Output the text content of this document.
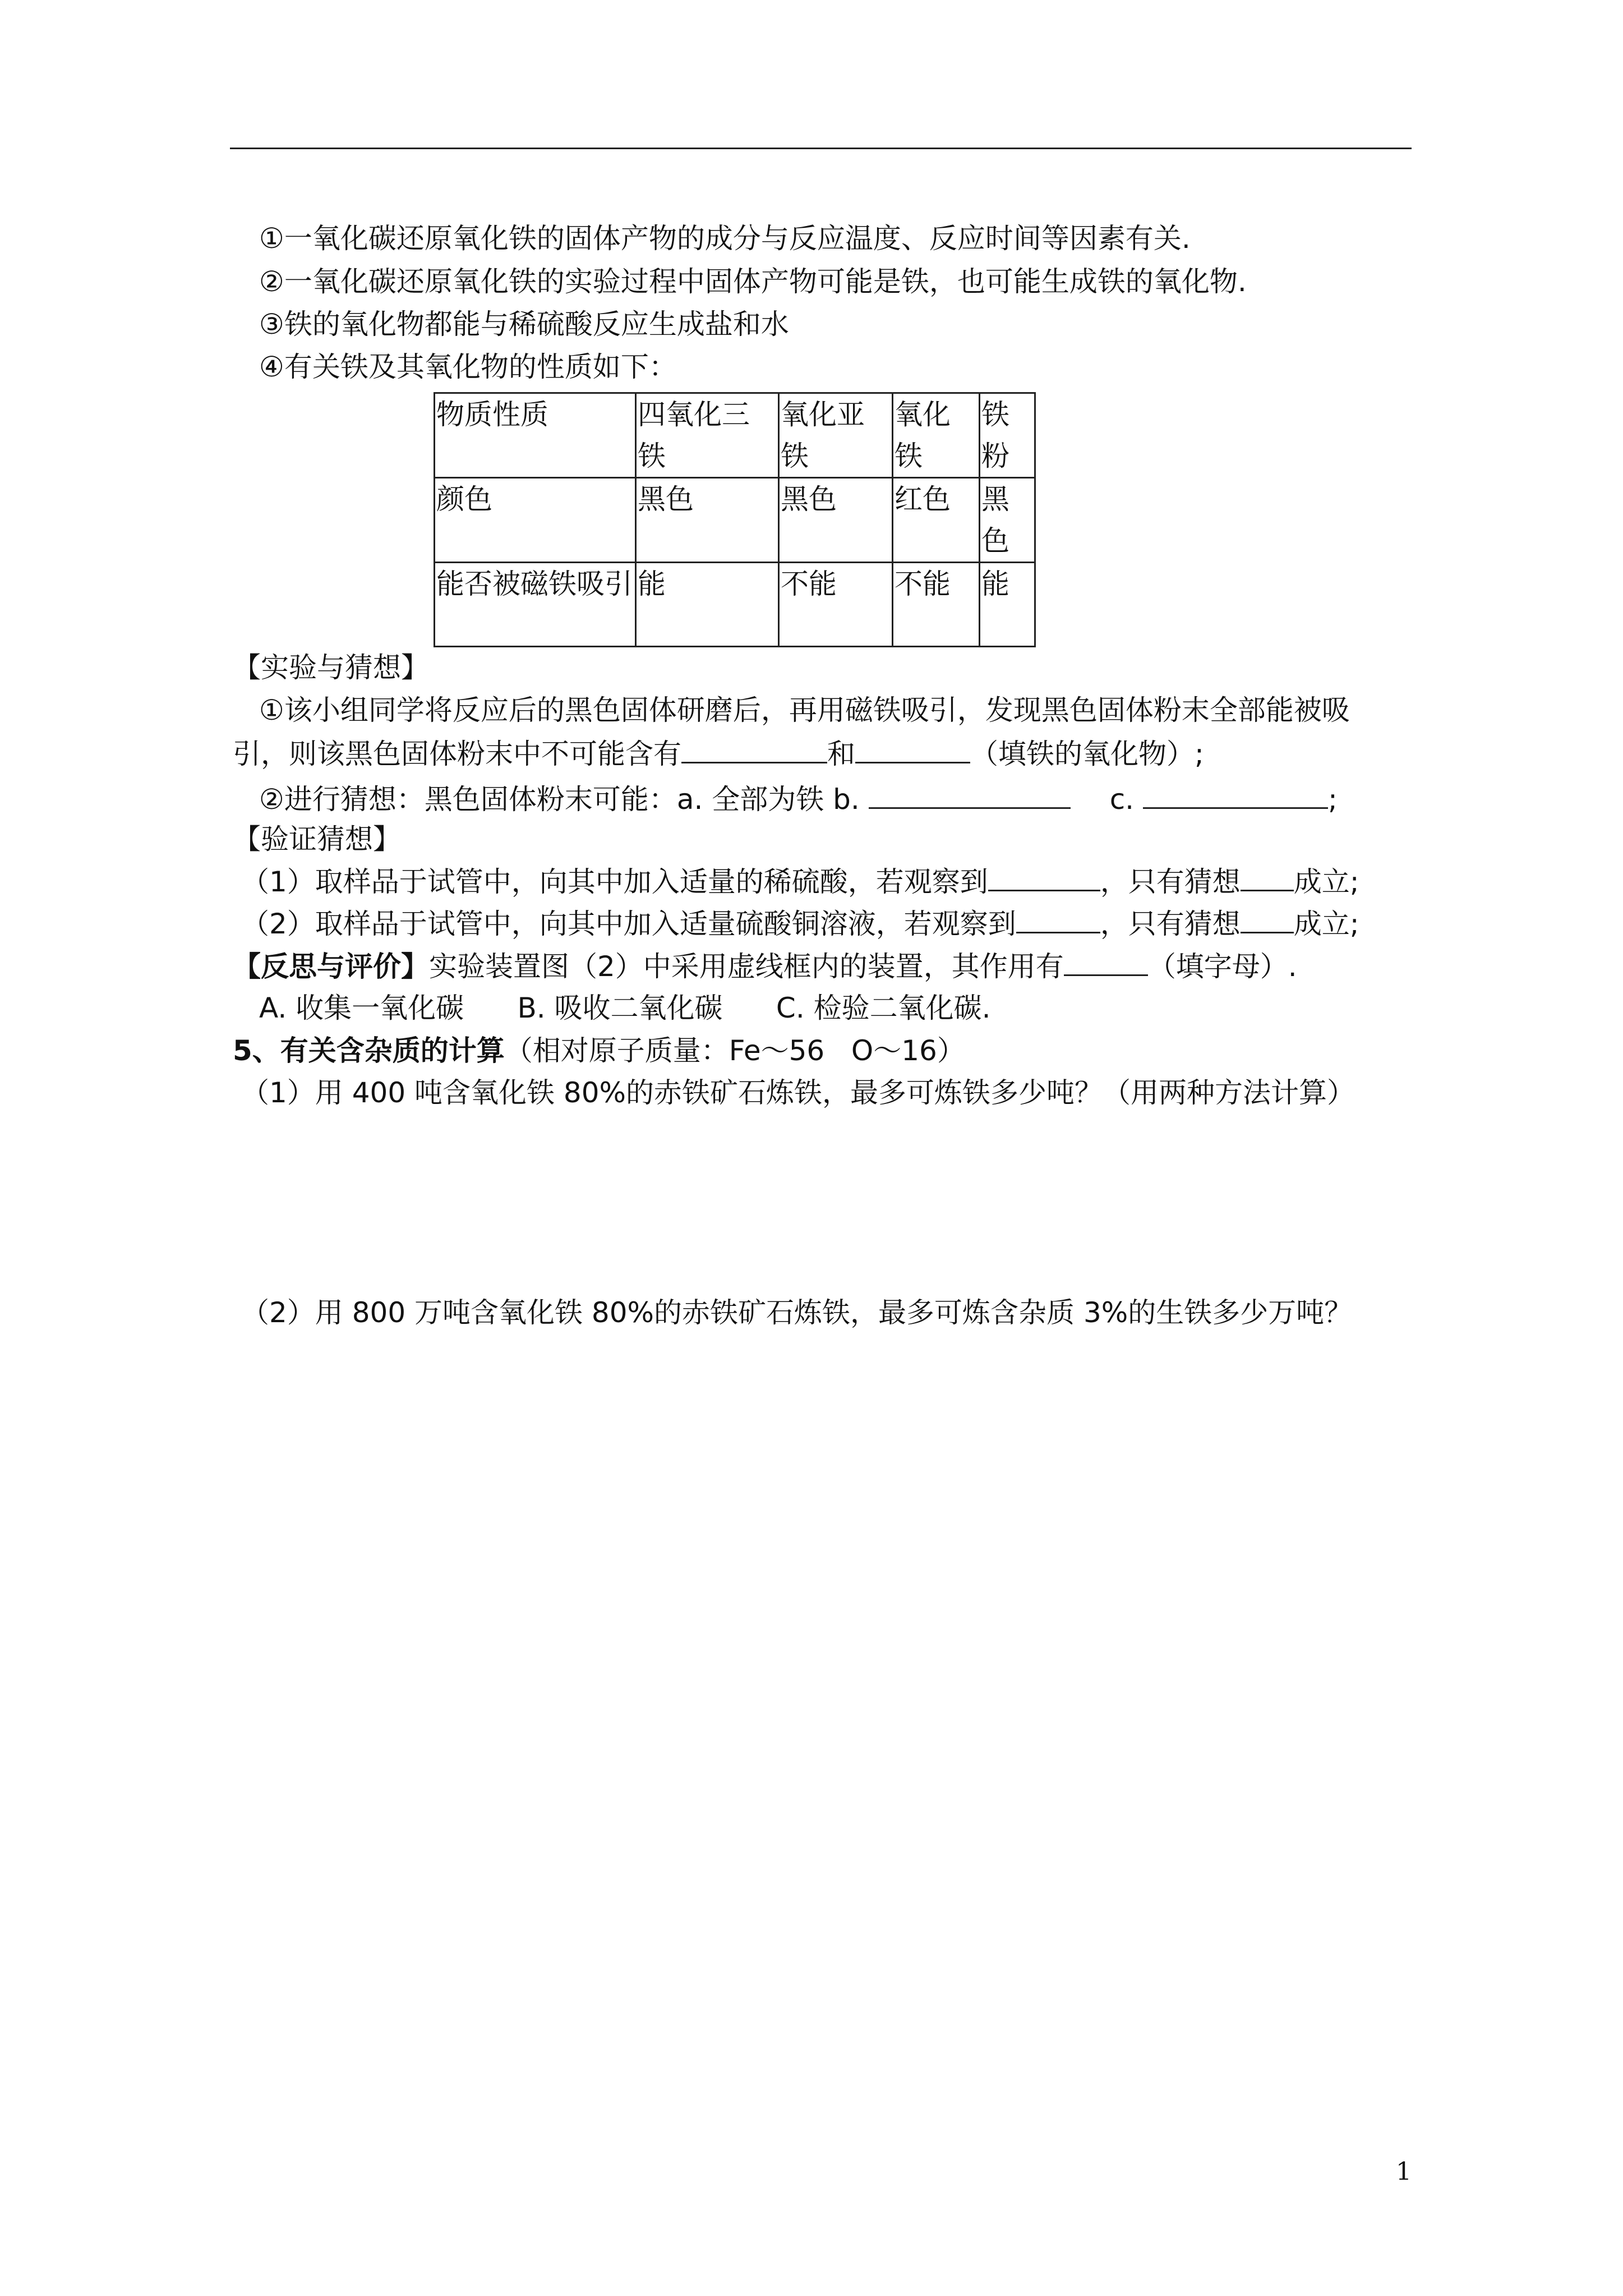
①一氧化碳还原氧化铁的固体产物的成分与反应温度、反应时间等因素有关.
②一氧化碳还原氧化铁的实验过程中固体产物可能是铁，也可能生成铁的氧化物.
③铁的氧化物都能与稀硫酸反应生成盐和水
④有关铁及其氧化物的性质如下：
物质性质	四氧化三铁	氧化亚铁	氧化铁	铁粉
颜色	黑色	黑色	红色	黑色
能否被磁铁吸引	能	不能	不能	能
【实验与猜想】
①该小组同学将反应后的黑色固体研磨后，再用磁铁吸引，发现黑色固体粉末全部能被吸
引，则该黑色固体粉末中不可能含有	和	（填铁的氧化物）;
②进行猜想：黑色固体粉末可能：a. 全部为铁 b.	c.	;
【验证猜想】
（1）取样品于试管中，向其中加入适量的稀硫酸，若观察到	，只有猜想 成立;
（2）取样品于试管中，向其中加入适量硫酸铜溶液，若观察到	，只有猜想 成立;
【反思与评价】实验装置图（2）中采用虚线框内的装置，其作用有	（填字母）.
A. 收集一氧化碳      B. 吸收二氧化碳      C. 检验二氧化碳.
5、有关含杂质的计算（相对原子质量：Fe～56   O～16）
（1）用 400 吨含氧化铁 80%的赤铁矿石炼铁，最多可炼铁多少吨？（用两种方法计算）
（2）用 800 万吨含氧化铁 80%的赤铁矿石炼铁，最多可炼含杂质 3%的生铁多少万吨？
1
